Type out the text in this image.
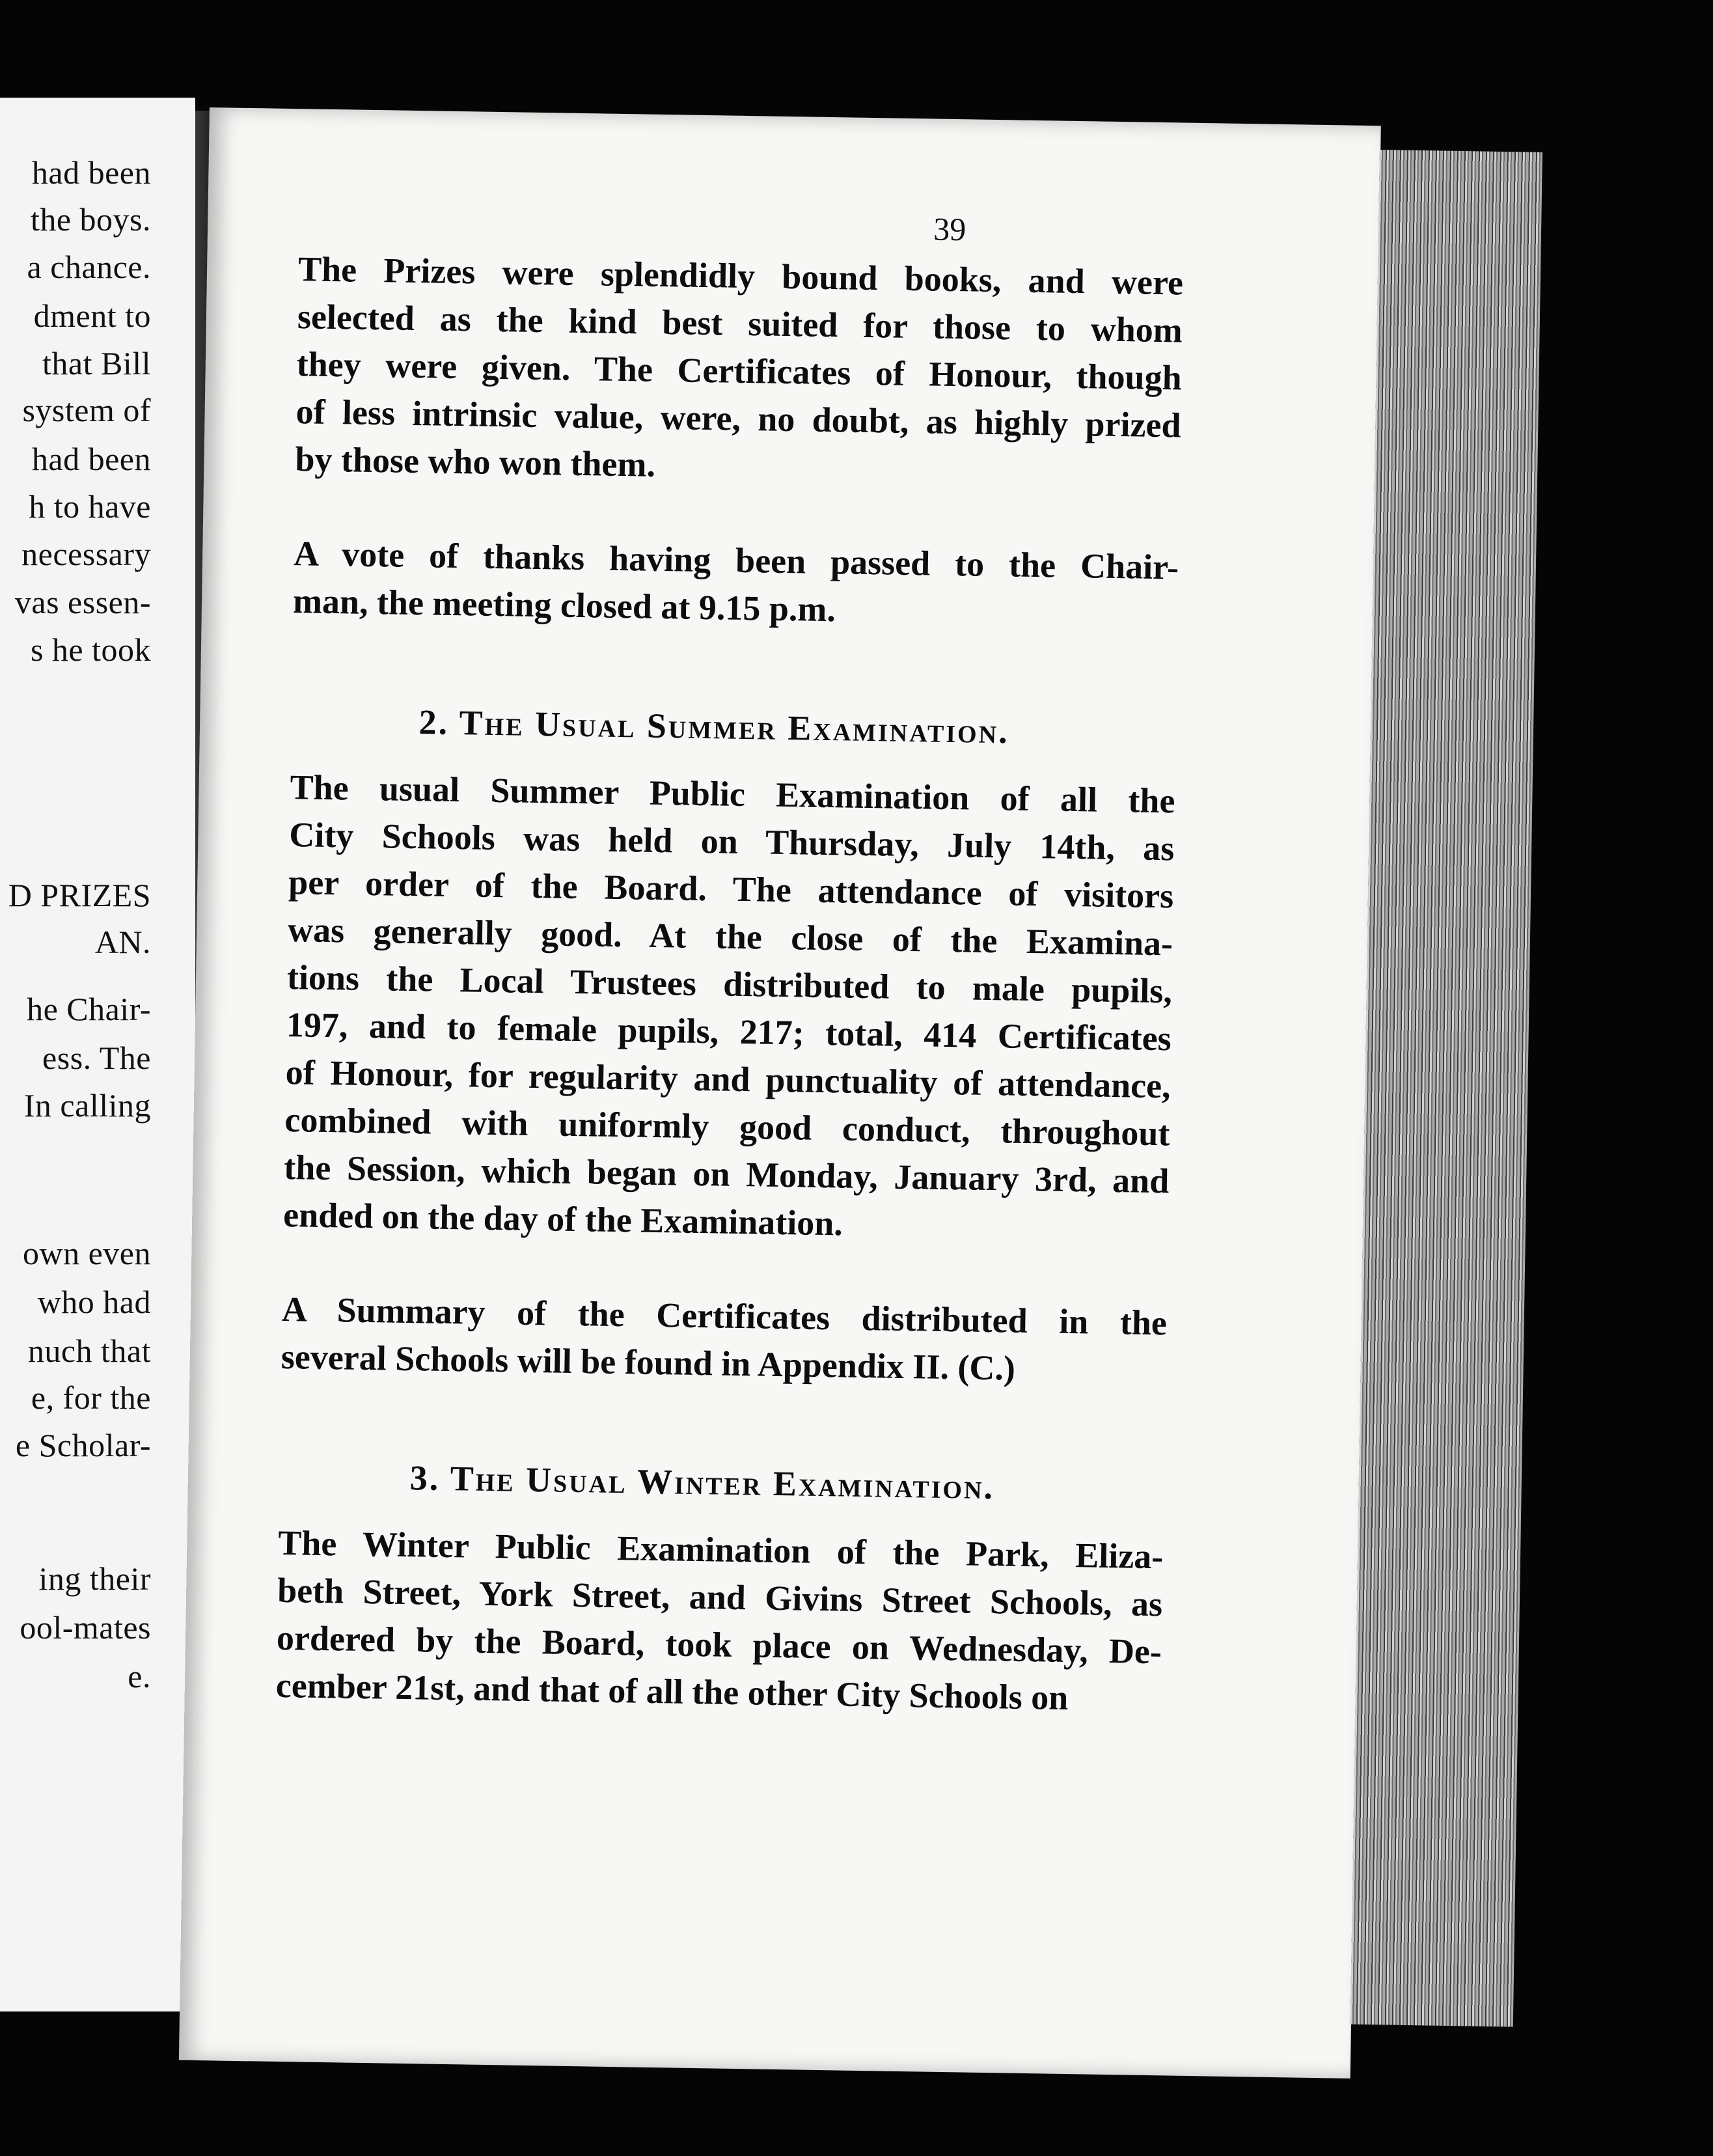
had been
the boys.
a chance.
dment to
that Bill
system of
had been
h to have
necessary
vas essen-
s he took
D PRIZES
AN.
he Chair-
ess. The
In calling
own even
who had
nuch that
e, for the
e Scholar-
ing their
ool-mates
e.
39

The Prizes were splendidly bound books, and were
selected as the kind best suited for those to whom
they were given. The Certificates of Honour, though
of less intrinsic value, were, no doubt, as highly prized
by those who won them.

A vote of thanks having been passed to the Chair-
man, the meeting closed at 9.15 p.m.

2. The Usual Summer Examination.

The usual Summer Public Examination of all the
City Schools was held on Thursday, July 14th, as
per order of the Board. The attendance of visitors
was generally good. At the close of the Examina-
tions the Local Trustees distributed to male pupils,
197, and to female pupils, 217; total, 414 Certificates
of Honour, for regularity and punctuality of attendance,
combined with uniformly good conduct, throughout
the Session, which began on Monday, January 3rd, and
ended on the day of the Examination.

A Summary of the Certificates distributed in the
several Schools will be found in Appendix II. (C.)

3. The Usual Winter Examination.

The Winter Public Examination of the Park, Eliza-
beth Street, York Street, and Givins Street Schools, as
ordered by the Board, took place on Wednesday, De-
cember 21st, and that of all the other City Schools on
